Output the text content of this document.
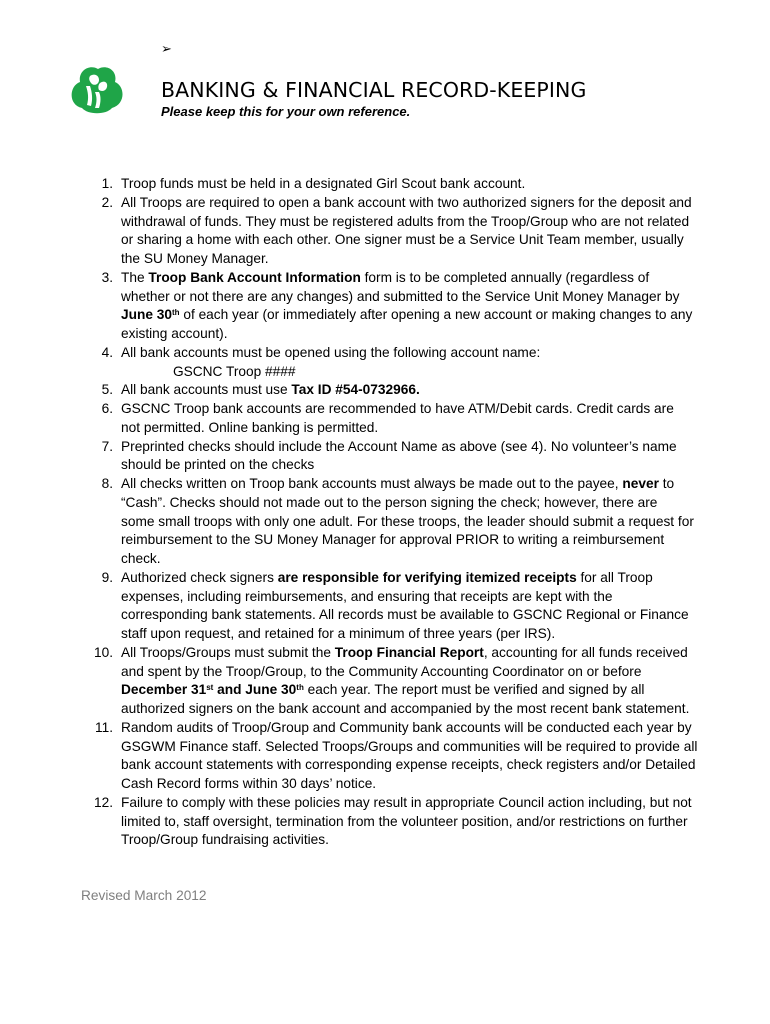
➢
BANKING & FINANCIAL RECORD-KEEPING

Please keep this for your own reference.

1. Troop funds must be held in a designated Girl Scout bank account.
2. All Troops are required to open a bank account with two authorized signers for the deposit and
withdrawal of funds. They must be registered adults from the Troop/Group who are not related
or sharing a home with each other. One signer must be a Service Unit Team member, usually
the SU Money Manager.
3. The Troop Bank Account Information form is to be completed annually (regardless of
whether or not there are any changes) and submitted to the Service Unit Money Manager by
June 30th of each year (or immediately after opening a new account or making changes to any
existing account).
4. All bank accounts must be opened using the following account name:
GSCNC Troop ####
5. All bank accounts must use Tax ID #54-0732966.
6. GSCNC Troop bank accounts are recommended to have ATM/Debit cards. Credit cards are
not permitted. Online banking is permitted.
7. Preprinted checks should include the Account Name as above (see 4). No volunteer’s name
should be printed on the checks
8. All checks written on Troop bank accounts must always be made out to the payee, never to
“Cash”. Checks should not made out to the person signing the check; however, there are
some small troops with only one adult. For these troops, the leader should submit a request for
reimbursement to the SU Money Manager for approval PRIOR to writing a reimbursement
check.
9. Authorized check signers are responsible for verifying itemized receipts for all Troop
expenses, including reimbursements, and ensuring that receipts are kept with the
corresponding bank statements. All records must be available to GSCNC Regional or Finance
staff upon request, and retained for a minimum of three years (per IRS).
10. All Troops/Groups must submit the Troop Financial Report, accounting for all funds received
and spent by the Troop/Group, to the Community Accounting Coordinator on or before
December 31st and June 30th each year. The report must be verified and signed by all
authorized signers on the bank account and accompanied by the most recent bank statement.
11. Random audits of Troop/Group and Community bank accounts will be conducted each year by
GSGWM Finance staff. Selected Troops/Groups and communities will be required to provide all
bank account statements with corresponding expense receipts, check registers and/or Detailed
Cash Record forms within 30 days’ notice.
12. Failure to comply with these policies may result in appropriate Council action including, but not
limited to, staff oversight, termination from the volunteer position, and/or restrictions on further
Troop/Group fundraising activities.

Revised March 2012
